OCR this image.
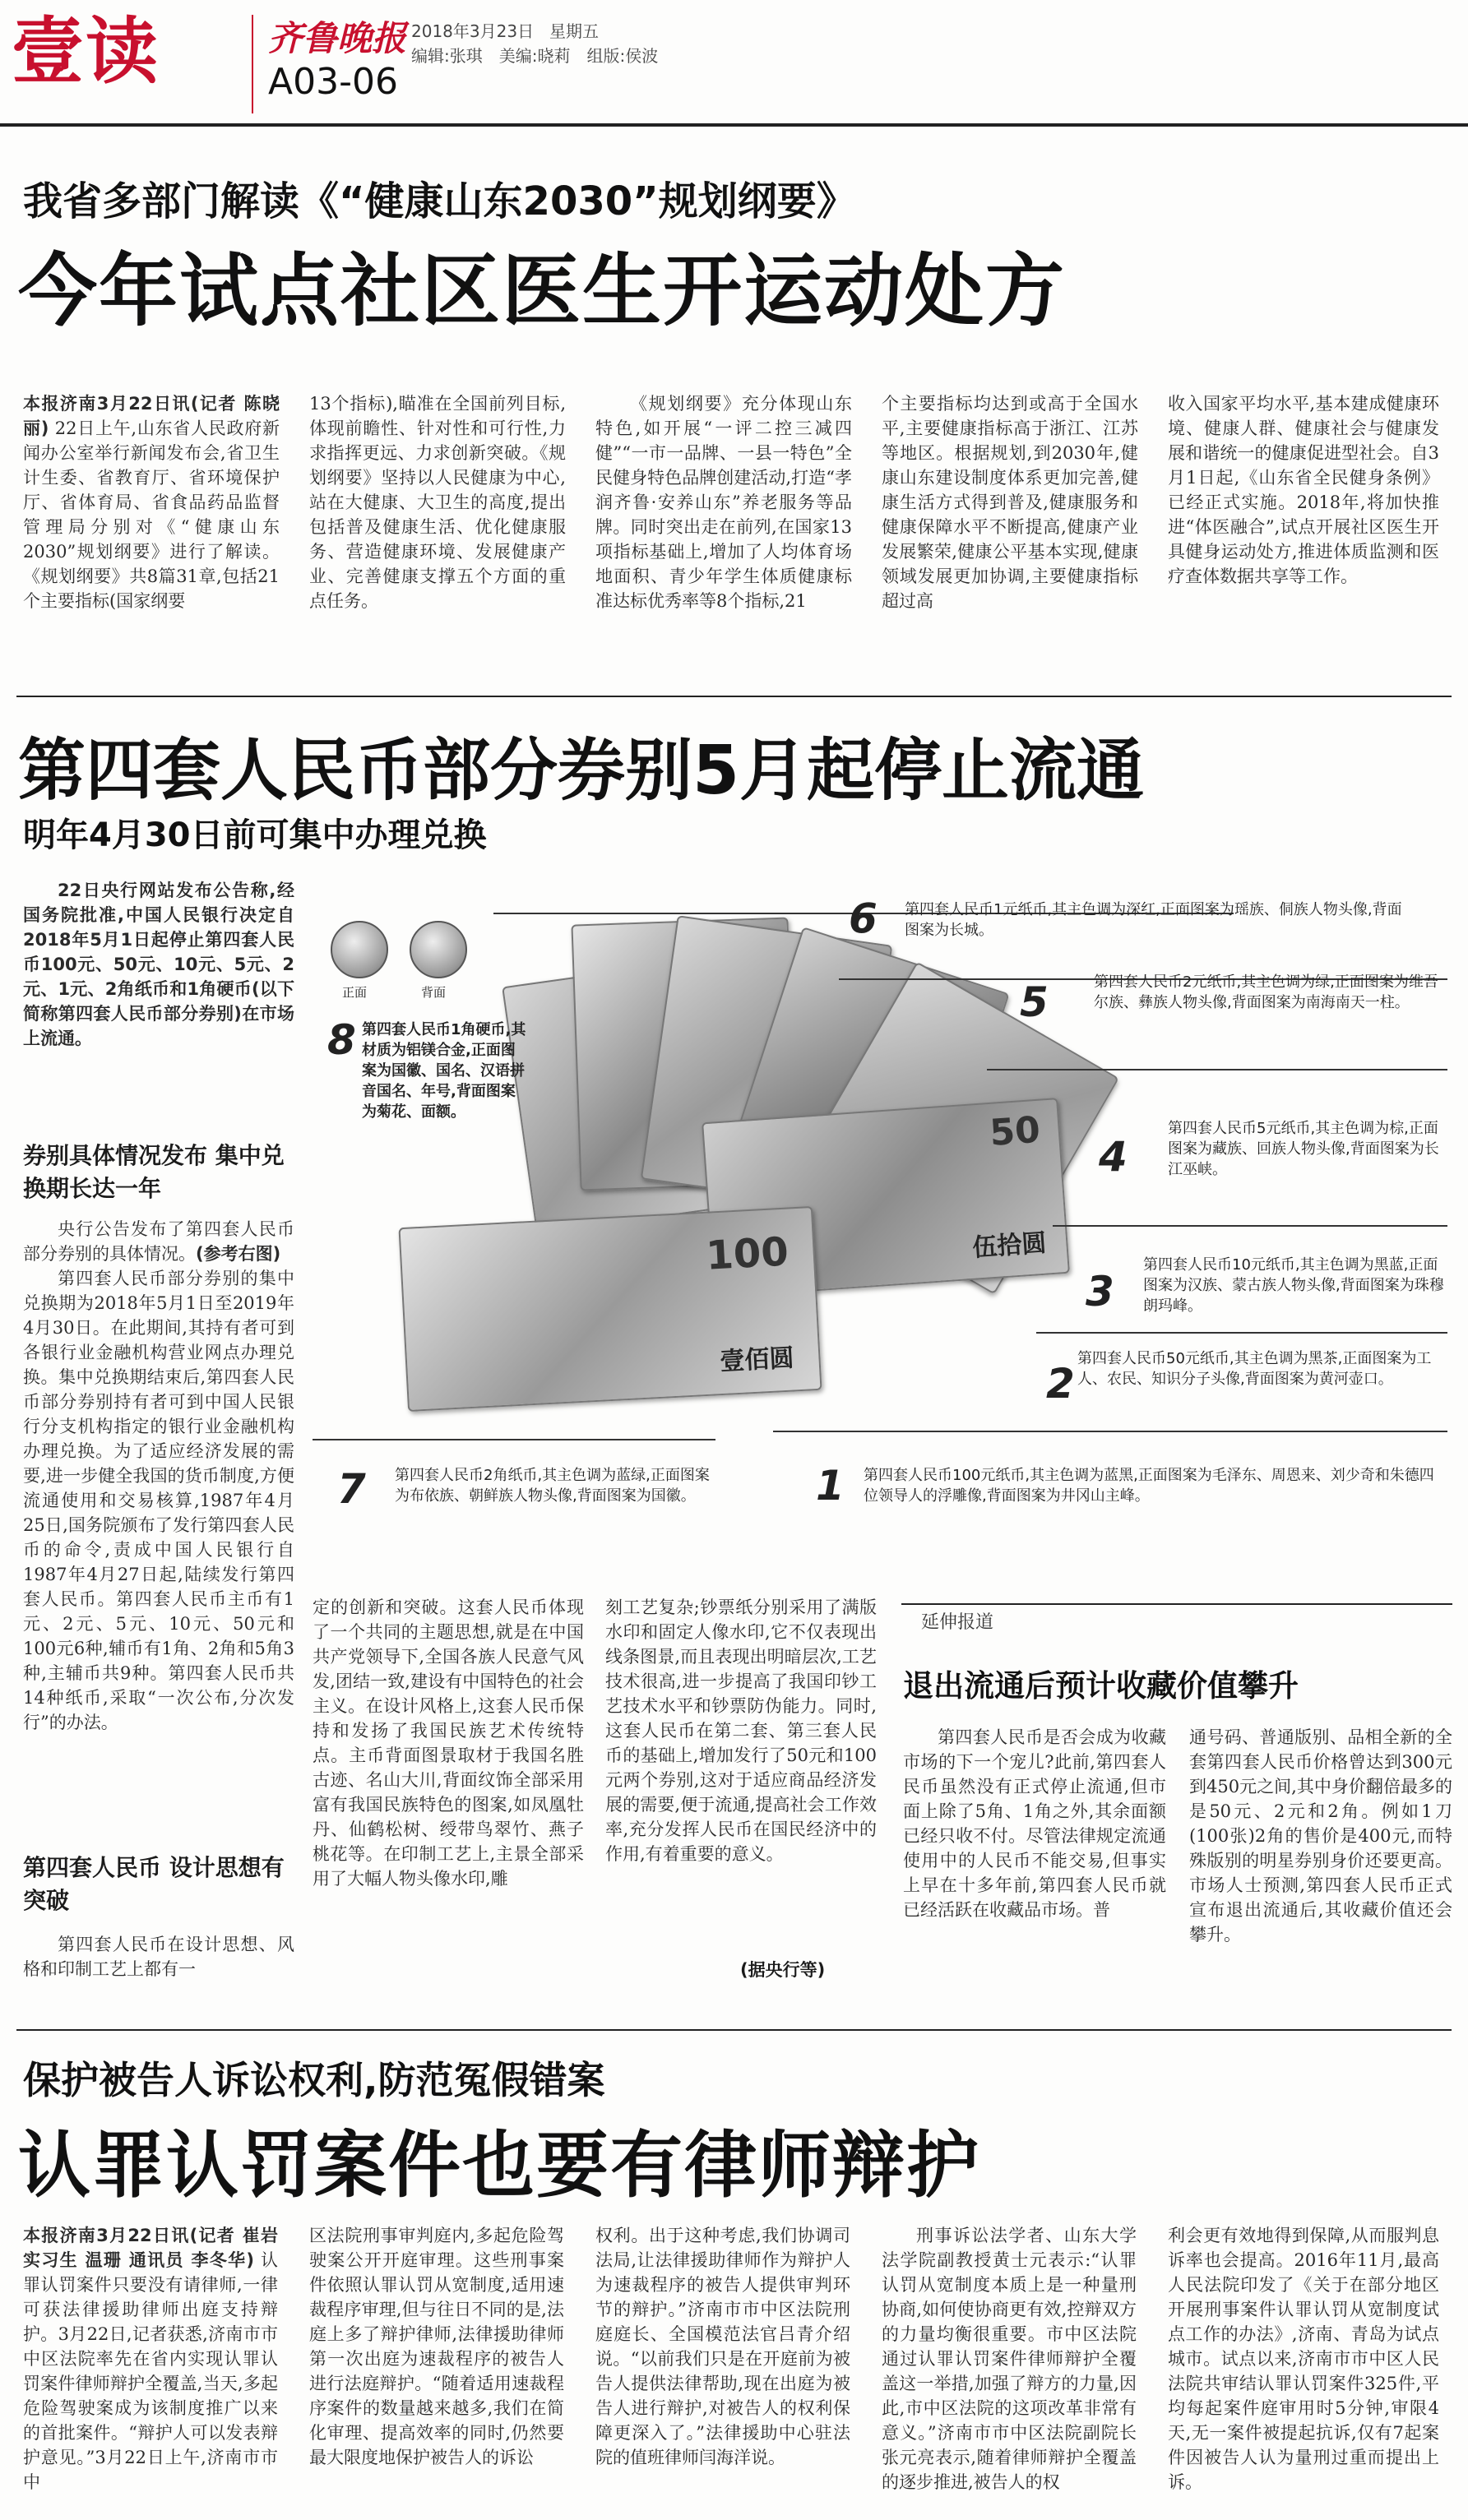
壹读	齐鲁晚报
A03-06
2018年3月23日 星期五
编辑:张琪　美编:晓莉　组版:侯波
我省多部门解读《“健康山东2030”规划纲要》
今年试点社区医生开运动处方

本报济南3月22日讯(记者 陈晓丽) 22日上午,山东省人民政府新闻办公室举行新闻发布会,省卫生计生委、省教育厅、省环境保护厅、省体育局、省食品药品监督管理局分别对《“健康山东2030”规划纲要》进行了解读。《规划纲要》共8篇31章,包括21个主要指标(国家纲要

13个指标),瞄准在全国前列目标,体现前瞻性、针对性和可行性,力求指挥更远、力求创新突破。《规划纲要》坚持以人民健康为中心,站在大健康、大卫生的高度,提出包括普及健康生活、优化健康服务、营造健康环境、发展健康产业、完善健康支撑五个方面的重点任务。

《规划纲要》充分体现山东特色,如开展“一评二控三减四健”“一市一品牌、一县一特色”全民健身特色品牌创建活动,打造“孝润齐鲁·安养山东”养老服务等品牌。同时突出走在前列,在国家13项指标基础上,增加了人均体育场地面积、青少年学生体质健康标准达标优秀率等8个指标,21

个主要指标均达到或高于全国水平,主要健康指标高于浙江、江苏等地区。根据规划,到2030年,健康山东建设制度体系更加完善,健康生活方式得到普及,健康服务和健康保障水平不断提高,健康产业发展繁荣,健康公平基本实现,健康领域发展更加协调,主要健康指标超过高

收入国家平均水平,基本建成健康环境、健康人群、健康社会与健康发展和谐统一的健康促进型社会。自3月1日起,《山东省全民健身条例》已经正式实施。2018年,将加快推进“体医融合”,试点开展社区医生开具健身运动处方,推进体质监测和医疗查体数据共享等工作。

第四套人民币部分券别5月起停止流通
明年4月30日前可集中办理兑换

22日央行网站发布公告称,经国务院批准,中国人民银行决定自2018年5月1日起停止第四套人民币100元、50元、10元、5元、2元、1元、2角纸币和1角硬币(以下简称第四套人民币部分券别)在市场上流通。

券别具体情况发布 集中兑换期长达一年

央行公告发布了第四套人民币部分券别的具体情况。(参考右图)

第四套人民币部分券别的集中兑换期为2018年5月1日至2019年4月30日。在此期间,其持有者可到各银行业金融机构营业网点办理兑换。集中兑换期结束后,第四套人民币部分券别持有者可到中国人民银行分支机构指定的银行业金融机构办理兑换。为了适应经济发展的需要,进一步健全我国的货币制度,方便流通使用和交易核算,1987年4月25日,国务院颁布了发行第四套人民币的命令,责成中国人民银行自1987年4月27日起,陆续发行第四套人民币。第四套人民币主币有1元、2元、5元、10元、50元和100元6种,辅币有1角、2角和5角3种,主辅币共9种。第四套人民币共14种纸币,采取“一次公布,分次发行”的办法。

第四套人民币 设计思想有突破

第四套人民币在设计思想、风格和印制工艺上都有一

正面	背面
50
伍拾圆
100
壹佰圆
6 第四套人民币1元纸币,其主色调为深红,正面图案为瑶族、侗族人物头像,背面图案为长城。
5	第四套人民币2元纸币,其主色调为绿,正面图案为维吾尔族、彝族人物头像,背面图案为南海南天一柱。
4
第四套人民币5元纸币,其主色调为棕,正面图案为藏族、回族人物头像,背面图案为长江巫峡。
3
第四套人民币10元纸币,其主色调为黑蓝,正面图案为汉族、蒙古族人物头像,背面图案为珠穆朗玛峰。
2
第四套人民币50元纸币,其主色调为黑茶,正面图案为工人、农民、知识分子头像,背面图案为黄河壶口。
1 第四套人民币100元纸币,其主色调为蓝黑,正面图案为毛泽东、周恩来、刘少奇和朱德四位领导人的浮雕像,背面图案为井冈山主峰。
7 第四套人民币2角纸币,其主色调为蓝绿,正面图案为布依族、朝鲜族人物头像,背面图案为国徽。
8 第四套人民币1角硬币,其材质为铝镁合金,正面图案为国徽、国名、汉语拼音国名、年号,背面图案为菊花、面额。

定的创新和突破。这套人民币体现了一个共同的主题思想,就是在中国共产党领导下,全国各族人民意气风发,团结一致,建设有中国特色的社会主义。在设计风格上,这套人民币保持和发扬了我国民族艺术传统特点。主币背面图景取材于我国名胜古迹、名山大川,背面纹饰全部采用富有我国民族特色的图案,如凤凰牡丹、仙鹤松树、绶带鸟翠竹、燕子桃花等。在印制工艺上,主景全部采用了大幅人物头像水印,雕

刻工艺复杂;钞票纸分别采用了满版水印和固定人像水印,它不仅表现出线条图景,而且表现出明暗层次,工艺技术很高,进一步提高了我国印钞工艺技术水平和钞票防伪能力。同时,这套人民币在第二套、第三套人民币的基础上,增加发行了50元和100元两个券别,这对于适应商品经济发展的需要,便于流通,提高社会工作效率,充分发挥人民币在国民经济中的作用,有着重要的意义。

(据央行等)
延伸报道
退出流通后预计收藏价值攀升

第四套人民币是否会成为收藏市场的下一个宠儿?此前,第四套人民币虽然没有正式停止流通,但市面上除了5角、1角之外,其余面额已经只收不付。尽管法律规定流通使用中的人民币不能交易,但事实上早在十多年前,第四套人民币就已经活跃在收藏品市场。普

通号码、普通版别、品相全新的全套第四套人民币价格曾达到300元到450元之间,其中身价翻倍最多的是50元、2元和2角。例如1刀(100张)2角的售价是400元,而特殊版别的明星券别身价还要更高。市场人士预测,第四套人民币正式宣布退出流通后,其收藏价值还会攀升。

保护被告人诉讼权利,防范冤假错案
认罪认罚案件也要有律师辩护

本报济南3月22日讯(记者 崔岩 实习生 温珊 通讯员 李冬华) 认罪认罚案件只要没有请律师,一律可获法律援助律师出庭支持辩护。3月22日,记者获悉,济南市市中区法院率先在省内实现认罪认罚案件律师辩护全覆盖,当天,多起危险驾驶案成为该制度推广以来的首批案件。“辩护人可以发表辩护意见。”3月22日上午,济南市市中

区法院刑事审判庭内,多起危险驾驶案公开开庭审理。这些刑事案件依照认罪认罚从宽制度,适用速裁程序审理,但与往日不同的是,法庭上多了辩护律师,法律援助律师第一次出庭为速裁程序的被告人进行法庭辩护。“随着适用速裁程序案件的数量越来越多,我们在简化审理、提高效率的同时,仍然要最大限度地保护被告人的诉讼

权利。出于这种考虑,我们协调司法局,让法律援助律师作为辩护人为速裁程序的被告人提供审判环节的辩护。”济南市市中区法院刑庭庭长、全国模范法官吕青介绍说。“以前我们只是在开庭前为被告人提供法律帮助,现在出庭为被告人进行辩护,对被告人的权利保障更深入了。”法律援助中心驻法院的值班律师闫海洋说。

刑事诉讼法学者、山东大学法学院副教授黄士元表示:“认罪认罚从宽制度本质上是一种量刑协商,如何使协商更有效,控辩双方的力量均衡很重要。市中区法院通过认罪认罚案件律师辩护全覆盖这一举措,加强了辩方的力量,因此,市中区法院的这项改革非常有意义。”济南市市中区法院副院长张元亮表示,随着律师辩护全覆盖的逐步推进,被告人的权

利会更有效地得到保障,从而服判息诉率也会提高。2016年11月,最高人民法院印发了《关于在部分地区开展刑事案件认罪认罚从宽制度试点工作的办法》,济南、青岛为试点城市。试点以来,济南市市中区人民法院共审结认罪认罚案件325件,平均每起案件庭审用时5分钟,审限4天,无一案件被提起抗诉,仅有7起案件因被告人认为量刑过重而提出上诉。
